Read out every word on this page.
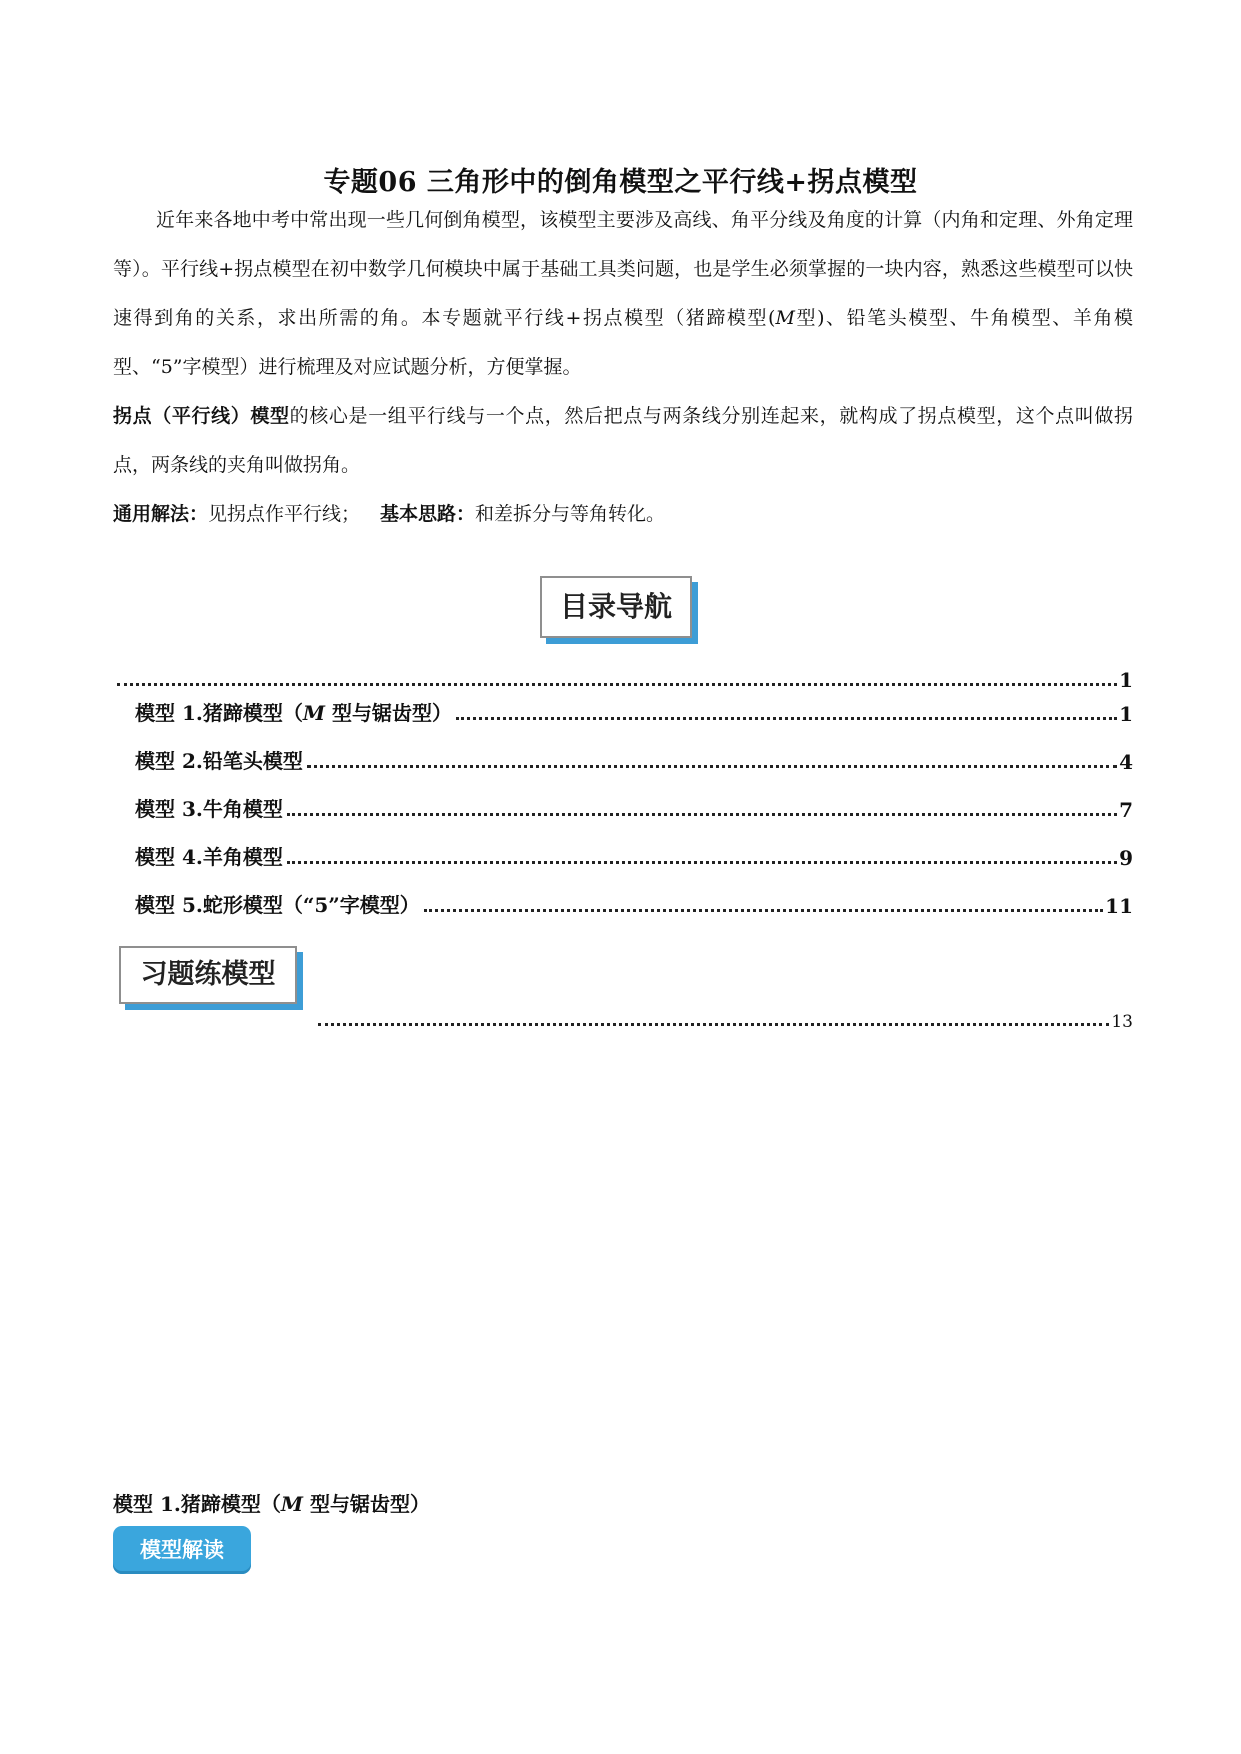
专题06 三角形中的倒角模型之平行线+拐点模型

近年来各地中考中常出现一些几何倒角模型，该模型主要涉及高线、角平分线及角度的计算（内角和定理、外角定理等）。平行线+拐点模型在初中数学几何模块中属于基础工具类问题，也是学生必须掌握的一块内容，熟悉这些模型可以快速得到角的关系，求出所需的角。本专题就平行线+拐点模型（猪蹄模型(M型)、铅笔头模型、牛角模型、羊角模型、“5”字模型）进行梳理及对应试题分析，方便掌握。

拐点（平行线）模型的核心是一组平行线与一个点，然后把点与两条线分别连起来，就构成了拐点模型，这个点叫做拐点，两条线的夹角叫做拐角。

通用解法：见拐点作平行线； 基本思路：和差拆分与等角转化。

目录导航
1
模型 1.猪蹄模型（M 型与锯齿型）	1
模型 2.铅笔头模型	4
模型 3.牛角模型	7
模型 4.羊角模型	9
模型 5.蛇形模型（“5”字模型）	11
习题练模型
13
模型 1.猪蹄模型（M 型与锯齿型）
模型解读
